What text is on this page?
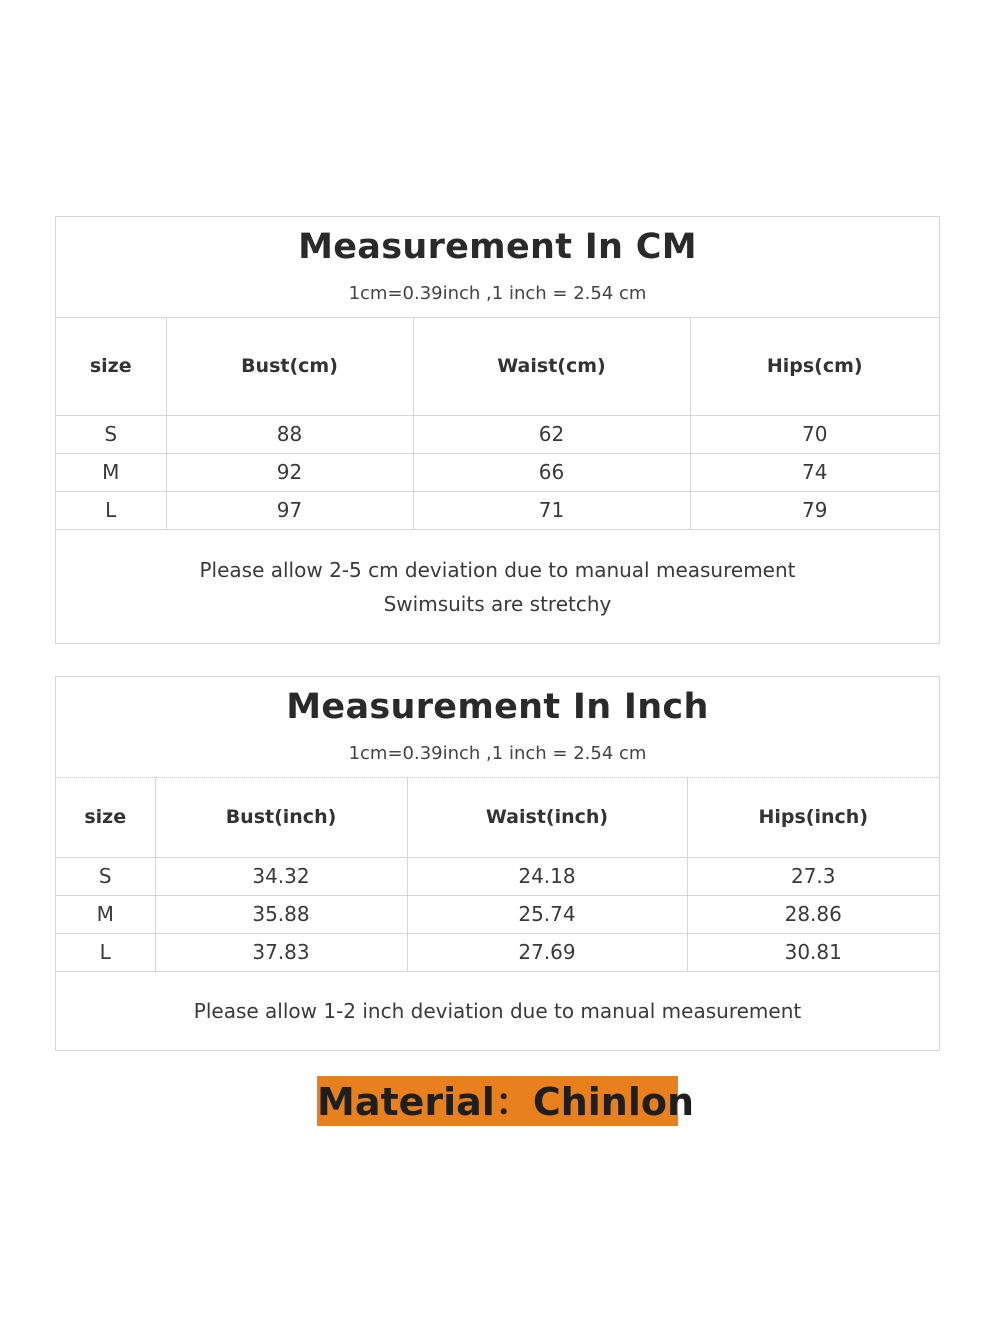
Measurement In CM
1cm=0.39inch ,1 inch = 2.54 cm
size	Bust(cm)	Waist(cm)	Hips(cm)
S	88	62	70
M	92	66	74
L	97	71	79
Please allow 2-5 cm deviation due to manual measurement
Swimsuits are stretchy
Measurement In Inch
1cm=0.39inch ,1 inch = 2.54 cm
size	Bust(inch)	Waist(inch)	Hips(inch)
S	34.32	24.18	27.3
M	35.88	25.74	28.86
L	37.83	27.69	30.81
Please allow 1-2 inch deviation due to manual measurement
Material：Chinlon
